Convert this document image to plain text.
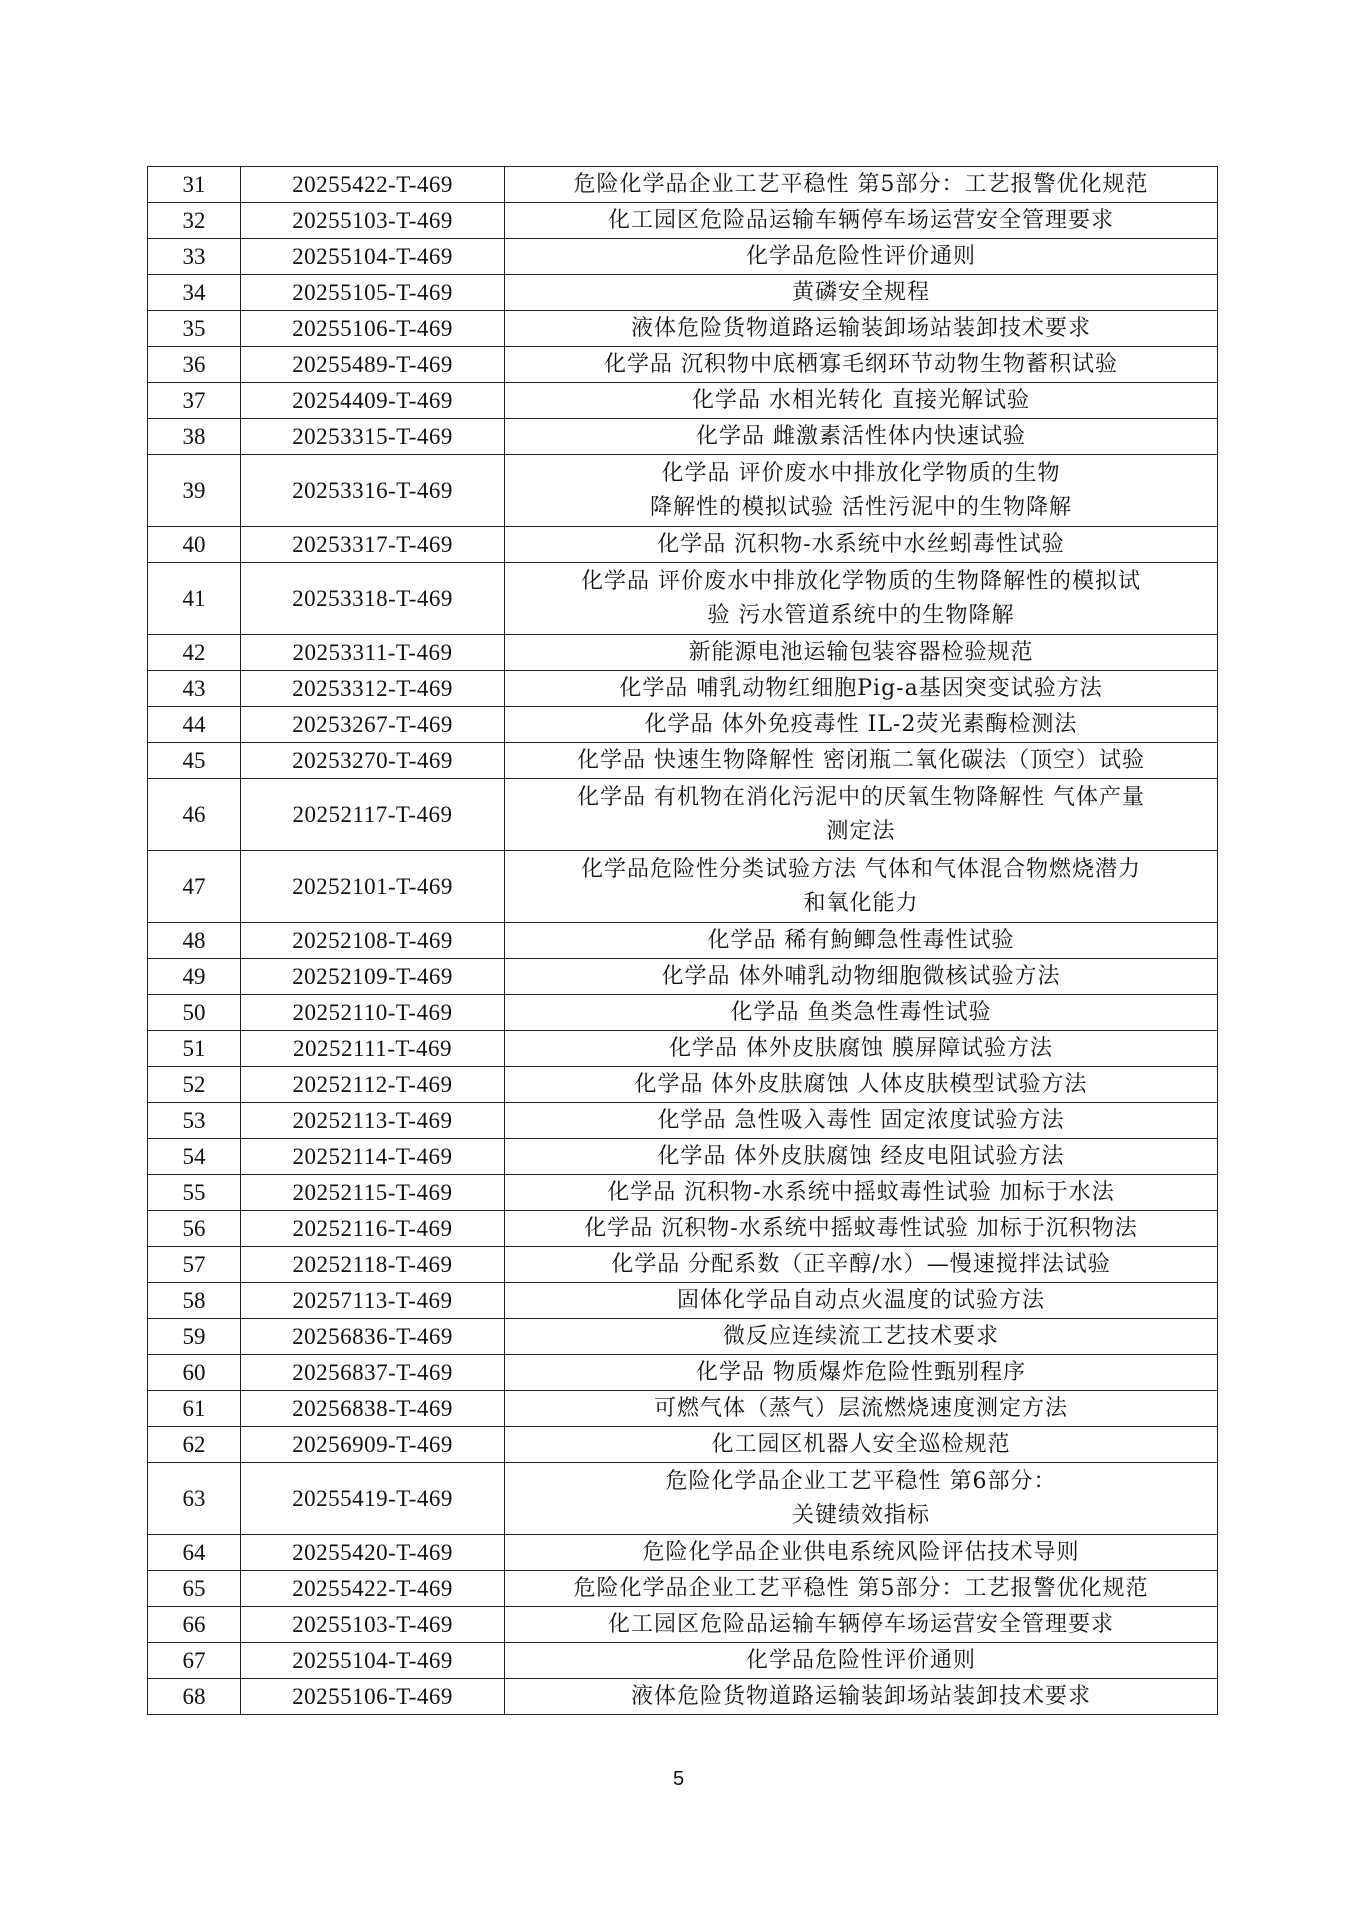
31	20255422-T-469	危险化学品企业工艺平稳性 第5部分：工艺报警优化规范

32	20255103-T-469	化工园区危险品运输车辆停车场运营安全管理要求

33	20255104-T-469	化学品危险性评价通则

34	20255105-T-469	黄磷安全规程

35	20255106-T-469	液体危险货物道路运输装卸场站装卸技术要求

36	20255489-T-469	化学品 沉积物中底栖寡毛纲环节动物生物蓄积试验

37	20254409-T-469	化学品 水相光转化 直接光解试验

38	20253315-T-469	化学品 雌激素活性体内快速试验

39	20253316-T-469	化学品 评价废水中排放化学物质的生物
降解性的模拟试验 活性污泥中的生物降解

40	20253317-T-469	化学品 沉积物-水系统中水丝蚓毒性试验

41	20253318-T-469	化学品 评价废水中排放化学物质的生物降解性的模拟试
验 污水管道系统中的生物降解

42	20253311-T-469	新能源电池运输包装容器检验规范

43	20253312-T-469	化学品 哺乳动物红细胞Pig-a基因突变试验方法

44	20253267-T-469	化学品 体外免疫毒性 IL-2荧光素酶检测法

45	20253270-T-469	化学品 快速生物降解性 密闭瓶二氧化碳法（顶空）试验

46	20252117-T-469	化学品 有机物在消化污泥中的厌氧生物降解性 气体产量
测定法

47	20252101-T-469	化学品危险性分类试验方法 气体和气体混合物燃烧潜力
和氧化能力

48	20252108-T-469	化学品 稀有鮈鲫急性毒性试验

49	20252109-T-469	化学品 体外哺乳动物细胞微核试验方法

50	20252110-T-469	化学品 鱼类急性毒性试验

51	20252111-T-469	化学品 体外皮肤腐蚀 膜屏障试验方法

52	20252112-T-469	化学品 体外皮肤腐蚀 人体皮肤模型试验方法

53	20252113-T-469	化学品 急性吸入毒性 固定浓度试验方法

54	20252114-T-469	化学品 体外皮肤腐蚀 经皮电阻试验方法

55	20252115-T-469	化学品 沉积物-水系统中摇蚊毒性试验 加标于水法

56	20252116-T-469	化学品 沉积物-水系统中摇蚊毒性试验 加标于沉积物法

57	20252118-T-469	化学品 分配系数（正辛醇/水）—慢速搅拌法试验

58	20257113-T-469	固体化学品自动点火温度的试验方法

59	20256836-T-469	微反应连续流工艺技术要求

60	20256837-T-469	化学品 物质爆炸危险性甄别程序

61	20256838-T-469	可燃气体（蒸气）层流燃烧速度测定方法

62	20256909-T-469	化工园区机器人安全巡检规范

63	20255419-T-469	危险化学品企业工艺平稳性 第6部分：
关键绩效指标

64	20255420-T-469	危险化学品企业供电系统风险评估技术导则

65	20255422-T-469	危险化学品企业工艺平稳性 第5部分：工艺报警优化规范

66	20255103-T-469	化工园区危险品运输车辆停车场运营安全管理要求

67	20255104-T-469	化学品危险性评价通则

68	20255106-T-469	液体危险货物道路运输装卸场站装卸技术要求
5
